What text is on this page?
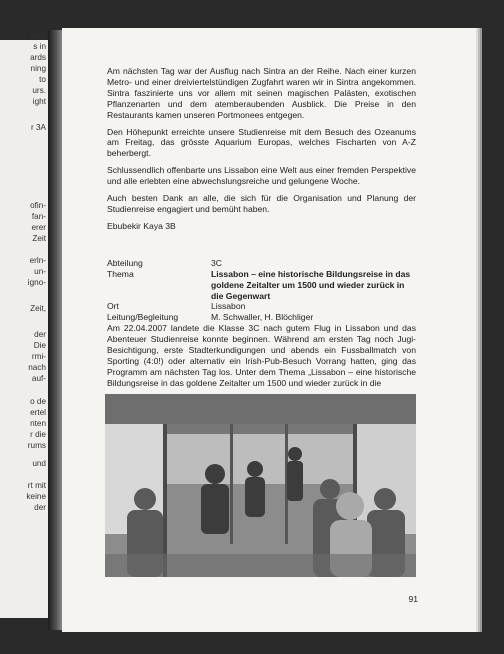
very
s in
ards
ning
to
urs.
ight
r 3A
ofin-
fan-
erer
Zeit
erln-
un-
igno-
Zeit,
der
Die
rmi-
nach
auf-
o de
ertel
nten
r die
rums
und
rt mit
keine
der

Am nächsten Tag war der Ausflug nach Sintra an der Reihe. Nach einer kurzen Metro- und einer dreiviertelstündigen Zugfahrt waren wir in Sintra angekommen. Sintra faszinierte uns vor allem mit seinen magischen Palästen, exotischen Pflanzenarten und dem atemberaubenden Ausblick. Die Preise in den Restaurants kamen unseren Portmonees entgegen.

Den Höhepunkt erreichte unsere Studienreise mit dem Besuch des Ozeanums am Freitag, das grösste Aquarium Europas, welches Fischarten von A-Z beherbergt.

Schlussendlich offenbarte uns Lissabon eine Welt aus einer fremden Perspektive und alle erlebten eine abwechslungsreiche und gelungene Woche.

Auch besten Dank an alle, die sich für die Organisation und Planung der Studienreise engagiert und bemüht haben.

Ebubekir Kaya 3B

Abteilung	3C
Thema	Lissabon – eine historische Bildungsreise in das goldene Zeitalter um 1500 und wieder zurück in die Gegenwart
Ort	Lissabon
Leitung/Begleitung	M. Schwaller, H. Blöchliger

Am 22.04.2007 landete die Klasse 3C nach gutem Flug in Lissabon und das Abenteuer Studienreise konnte beginnen. Während am ersten Tag noch Jugi-Besichtigung, erste Stadterkundigungen und abends ein Fussballmatch von Sporting (4:0!) oder alternativ ein Irish-Pub-Besuch Vorrang hatten, ging das Programm am nächsten Tag los. Unter dem Thema „Lissabon – eine historische Bildungsreise in das goldene Zeitalter um 1500 und wieder zurück in die

91
